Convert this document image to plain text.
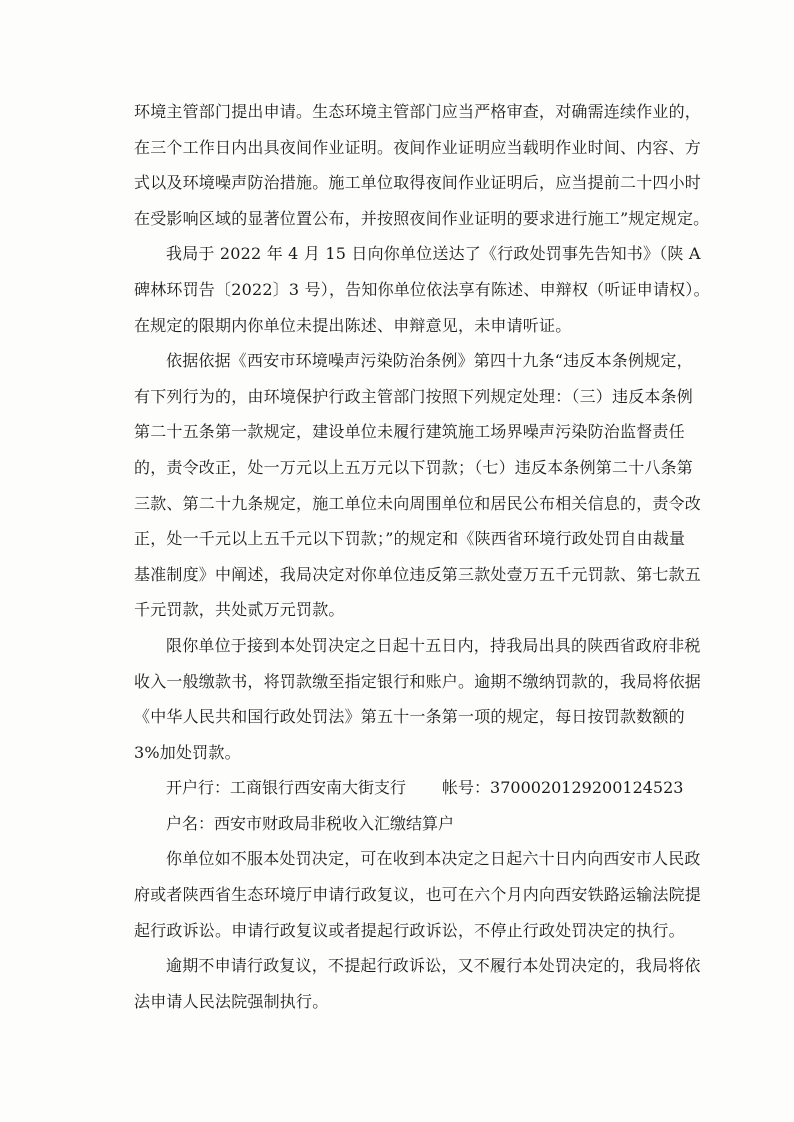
环境主管部门提出申请。生态环境主管部门应当严格审查，对确需连续作业的，
在三个工作日内出具夜间作业证明。夜间作业证明应当载明作业时间、内容、方
式以及环境噪声防治措施。施工单位取得夜间作业证明后，应当提前二十四小时
在受影响区域的显著位置公布，并按照夜间作业证明的要求进行施工”规定规定。

我局于 2022 年 4 月 15 日向你单位送达了《行政处罚事先告知书》（陕 A
碑林环罚告〔2022〕3 号），告知你单位依法享有陈述、申辩权（听证申请权）。
在规定的限期内你单位未提出陈述、申辩意见，未申请听证。

依据依据《西安市环境噪声污染防治条例》第四十九条“违反本条例规定，
有下列行为的，由环境保护行政主管部门按照下列规定处理：（三）违反本条例
第二十五条第一款规定，建设单位未履行建筑施工场界噪声污染防治监督责任
的，责令改正，处一万元以上五万元以下罚款；（七）违反本条例第二十八条第
三款、第二十九条规定，施工单位未向周围单位和居民公布相关信息的，责令改
正，处一千元以上五千元以下罚款；”的规定和《陕西省环境行政处罚自由裁量
基准制度》中阐述，我局决定对你单位违反第三款处壹万五千元罚款、第七款五
千元罚款，共处贰万元罚款。

限你单位于接到本处罚决定之日起十五日内，持我局出具的陕西省政府非税
收入一般缴款书，将罚款缴至指定银行和账户。逾期不缴纳罚款的，我局将依据
《中华人民共和国行政处罚法》第五十一条第一项的规定，每日按罚款数额的
3%加处罚款。

开户行： 工商银行西安南大街支行 帐号： 3700020129200124523
户名： 西安市财政局非税收入汇缴结算户

你单位如不服本处罚决定，可在收到本决定之日起六十日内向西安市人民政
府或者陕西省生态环境厅申请行政复议，也可在六个月内向西安铁路运输法院提
起行政诉讼。申请行政复议或者提起行政诉讼，不停止行政处罚决定的执行。

逾期不申请行政复议，不提起行政诉讼，又不履行本处罚决定的，我局将依
法申请人民法院强制执行。
